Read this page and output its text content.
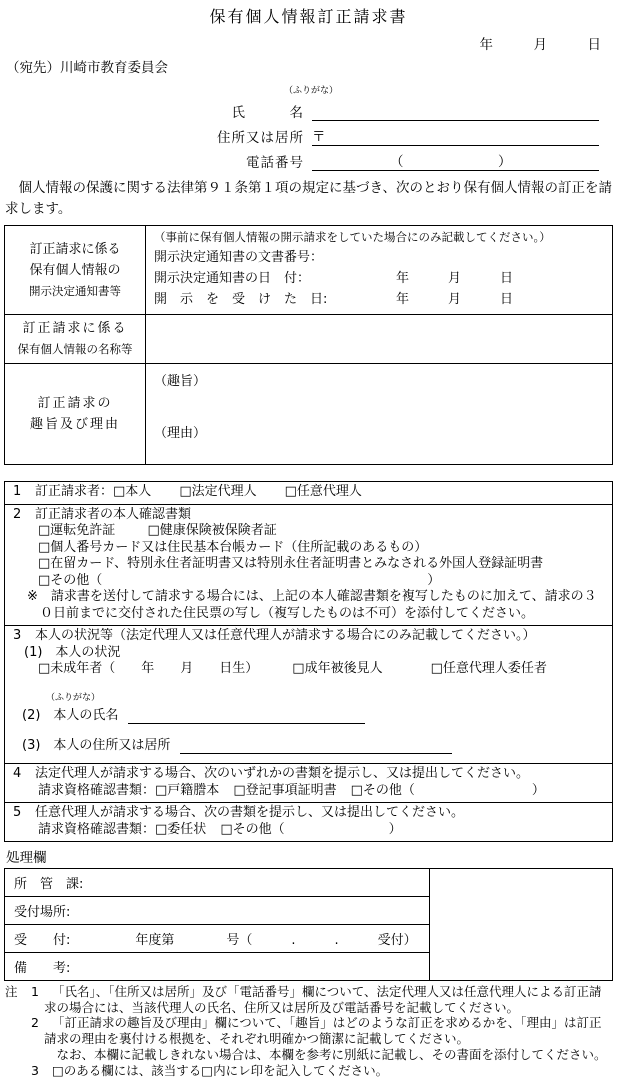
保有個人情報訂正請求書
年　　　月　　　日
（宛先）川崎市教育委員会
（ふりがな）
氏　　　名
住所又は居所 〒
電話番号	（　　　　　　　）
　個人情報の保護に関する法律第９１条第１項の規定に基づき、次のとおり保有個人情報の訂正を請求します。
訂正請求に係る
保有個人情報の
開示決定通知書等

（事前に保有個人情報の開示請求をしていた場合にのみ記載してください。）
開示決定通知書の文書番号：
開示決定通知書の日　付：	年　　　月　　　日
開　示　を　受　け　た　日:	年　　　月　　　日

訂正請求に係る
保有個人情報の名称等	

訂正請求の
趣旨及び理由

（趣旨）
（理由）
1	訂正請求者： □本人 □法定代理人 □任意代理人

2	訂正請求者の本人確認書類
□運転免許証 □健康保険被保険者証
□個人番号カード又は住民基本台帳カード（住所記載のあるもの）
□在留カード、特別永住者証明書又は特別永住者証明書とみなされる外国人登録証明書
□その他（　　　　　　　　　　　　　　　　　　　　　　　　　）
※　請求書を送付して請求する場合には、上記の本人確認書類を複写したものに加えて、請求の３０日前までに交付された住民票の写し（複写したものは不可）を添付してください。

3	本人の状況等（法定代理人又は任意代理人が請求する場合にのみ記載してください。）
(1)　本人の状況
□未成年者（　　年　　月　　日生）	□成年被後見人	□任意代理人委任者
（ふりがな）
(2)　本人の氏名
(3)　本人の住所又は居所

4	法定代理人が請求する場合、次のいずれかの書類を提示し、又は提出してください。
請求資格確認書類： □戸籍謄本 □登記事項証明書 □その他（　　　　　　　　　）

5	任意代理人が請求する場合、次の書類を提示し、又は提出してください。
請求資格確認書類： □委任状 □その他（　　　　　　　　）
処理欄
所　管　課:
受付場所:
受　　付:　　　　　年度第　　　　号（　　　.　　　.　　　受付）
備　　考:
注	1 「氏名」、「住所又は居所」及び「電話番号」欄について、法定代理人又は任意代理人による訂正請求の場合には、当該代理人の氏名、住所又は居所及び電話番号を記載してください。
2 「訂正請求の趣旨及び理由」欄について、「趣旨」はどのような訂正を求めるかを、「理由」は訂正請求の理由を裏付ける根拠を、それぞれ明確かつ簡潔に記載してください。
　なお、本欄に記載しきれない場合は、本欄を参考に別紙に記載し、その書面を添付してください。
3 □のある欄には、該当する□内にレ印を記入してください。
